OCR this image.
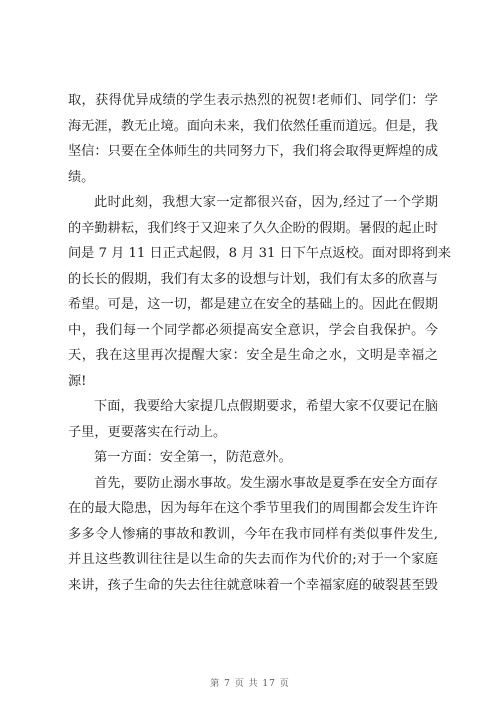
取，获得优异成绩的学生表示热烈的祝贺!老师们、同学们：学
海无涯，教无止境。面向未来，我们依然任重而道远。但是，我
坚信：只要在全体师生的共同努力下，我们将会取得更辉煌的成
绩。
此时此刻，我想大家一定都很兴奋，因为,经过了一个学期
的辛勤耕耘，我们终于又迎来了久久企盼的假期。暑假的起止时
间是 7 月 11 日正式起假，8 月 31 日下午点返校。面对即将到来
的长长的假期，我们有太多的设想与计划，我们有太多的欣喜与
希望。可是，这一切，都是建立在安全的基础上的。因此在假期
中，我们每一个同学都必须提高安全意识，学会自我保护。今
天，我在这里再次提醒大家：安全是生命之水，文明是幸福之
源!
下面，我要给大家提几点假期要求，希望大家不仅要记在脑
子里，更要落实在行动上。
第一方面：安全第一，防范意外。
首先，要防止溺水事故。发生溺水事故是夏季在安全方面存
在的最大隐患，因为每年在这个季节里我们的周围都会发生许许
多多令人惨痛的事故和教训，今年在我市同样有类似事件发生,
并且这些教训往往是以生命的失去而作为代价的;对于一个家庭
来讲，孩子生命的失去往往就意味着一个幸福家庭的破裂甚至毁
第 7 页 共 17 页
